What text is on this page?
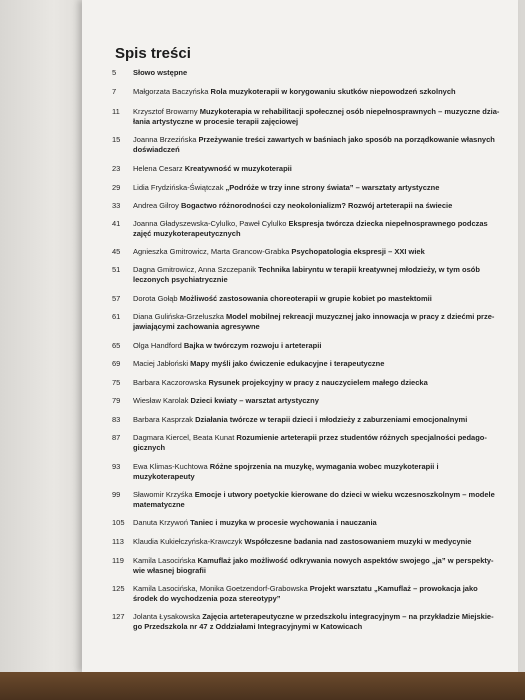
Spis treści
5	Słowo wstępne
7	Małgorzata Baczyńska Rola muzykoterapii w korygowaniu skutków niepowodzeń szkolnych
11	Krzysztof Browarny Muzykoterapia w rehabilitacji społecznej osób niepełnosprawnych – muzyczne dzia-łania artystyczne w procesie terapii zajęciowej
15	Joanna Brzezińska Przeżywanie treści zawartych w baśniach jako sposób na porządkowanie własnych doświadczeń
23	Helena Cesarz Kreatywność w muzykoterapii
29	Lidia Frydzińska-Świątczak „Podróże w trzy inne strony świata” – warsztaty artystyczne
33	Andrea Gilroy Bogactwo różnorodności czy neokolonializm? Rozwój arteterapii na świecie
41	Joanna Gładyszewska-Cylulko, Paweł Cylulko Ekspresja twórcza dziecka niepełnosprawnego podczas zajęć muzykoterapeutycznych
45	Agnieszka Gmitrowicz, Marta Grancow-Grabka Psychopatologia ekspresji – XXI wiek
51	Dagna Gmitrowicz, Anna Szczepanik Technika labiryntu w terapii kreatywnej młodzieży, w tym osób leczonych psychiatrycznie
57	Dorota Gołąb Możliwość zastosowania choreoterapii w grupie kobiet po mastektomii
61	Diana Gulińska-Grzeluszka Model mobilnej rekreacji muzycznej jako innowacja w pracy z dziećmi prze-jawiającymi zachowania agresywne
65	Olga Handford Bajka w twórczym rozwoju i arteterapii
69	Maciej Jabłoński Mapy myśli jako ćwiczenie edukacyjne i terapeutyczne
75	Barbara Kaczorowska Rysunek projekcyjny w pracy z nauczycielem małego dziecka
79	Wiesław Karolak Dzieci kwiaty – warsztat artystyczny
83	Barbara Kasprzak Działania twórcze w terapii dzieci i młodzieży z zaburzeniami emocjonalnymi
87	Dagmara Kiercel, Beata Kunat Rozumienie arteterapii przez studentów różnych specjalności pedago-gicznych
93	Ewa Klimas-Kuchtowa Różne spojrzenia na muzykę, wymagania wobec muzykoterapii i muzykoterapeuty
99	Sławomir Krzyśka Emocje i utwory poetyckie kierowane do dzieci w wieku wczesnoszkolnym – modele matematyczne
105	Danuta Krzywoń Taniec i muzyka w procesie wychowania i nauczania
113	Klaudia Kukiełczyńska-Krawczyk Współczesne badania nad zastosowaniem muzyki w medycynie
119	Kamila Lasocińska Kamuflaż jako możliwość odkrywania nowych aspektów swojego „ja” w perspekty-wie własnej biografii
125	Kamila Lasocińska, Monika Goetzendorf-Grabowska Projekt warsztatu „Kamuflaż – prowokacja jako środek do wychodzenia poza stereotypy”
127	Jolanta Łysakowska Zajęcia arteterapeutyczne w przedszkolu integracyjnym – na przykładzie Miejskie-go Przedszkola nr 47 z Oddziałami Integracyjnymi w Katowicach
